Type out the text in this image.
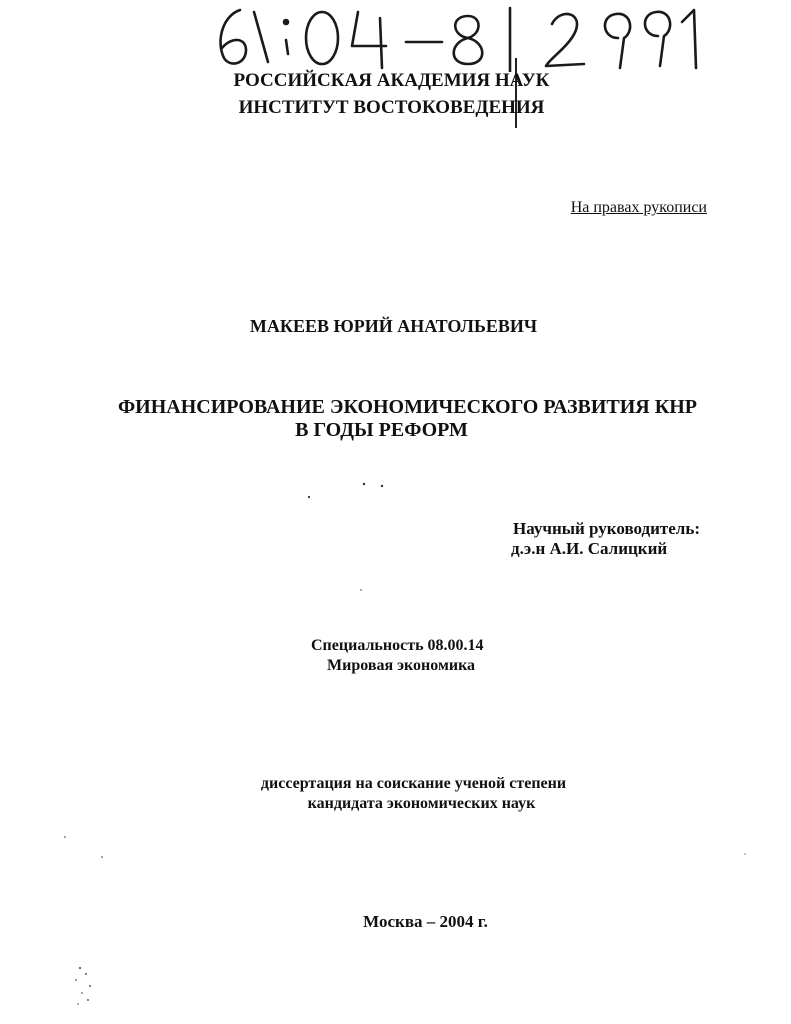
РОССИЙСКАЯ АКАДЕМИЯ НАУК
ИНСТИТУТ ВОСТОКОВЕДЕНИЯ
На правах рукописи
МАКЕЕВ ЮРИЙ АНАТОЛЬЕВИЧ
ФИНАНСИРОВАНИЕ ЭКОНОМИЧЕСКОГО РАЗВИТИЯ КНР
В ГОДЫ РЕФОРМ
Научный руководитель:
д.э.н А.И. Салицкий
Специальность 08.00.14
Мировая экономика
диссертация на соискание ученой степени
кандидата экономических наук
Москва – 2004 г.
